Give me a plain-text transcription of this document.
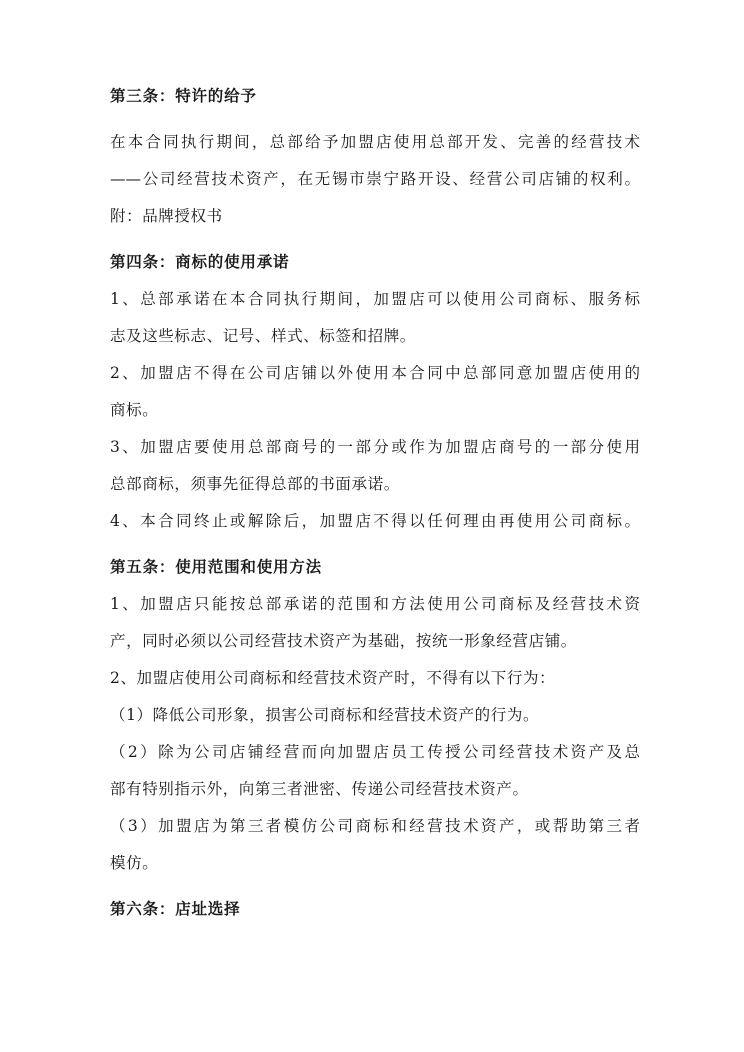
第三条：特许的给予
在本合同执行期间，总部给予加盟店使用总部开发、完善的经营技术
——公司经营技术资产，在无锡市崇宁路开设、经营公司店铺的权利。
附：品牌授权书
第四条：商标的使用承诺
1、总部承诺在本合同执行期间，加盟店可以使用公司商标、服务标
志及这些标志、记号、样式、标签和招牌。
2、加盟店不得在公司店铺以外使用本合同中总部同意加盟店使用的
商标。
3、加盟店要使用总部商号的一部分或作为加盟店商号的一部分使用
总部商标，须事先征得总部的书面承诺。
4、本合同终止或解除后，加盟店不得以任何理由再使用公司商标。
第五条：使用范围和使用方法
1、加盟店只能按总部承诺的范围和方法使用公司商标及经营技术资
产，同时必须以公司经营技术资产为基础，按统一形象经营店铺。
2、加盟店使用公司商标和经营技术资产时，不得有以下行为：
（1）降低公司形象，损害公司商标和经营技术资产的行为。
（2）除为公司店铺经营而向加盟店员工传授公司经营技术资产及总
部有特别指示外，向第三者泄密、传递公司经营技术资产。
（3）加盟店为第三者模仿公司商标和经营技术资产，或帮助第三者
模仿。
第六条：店址选择
